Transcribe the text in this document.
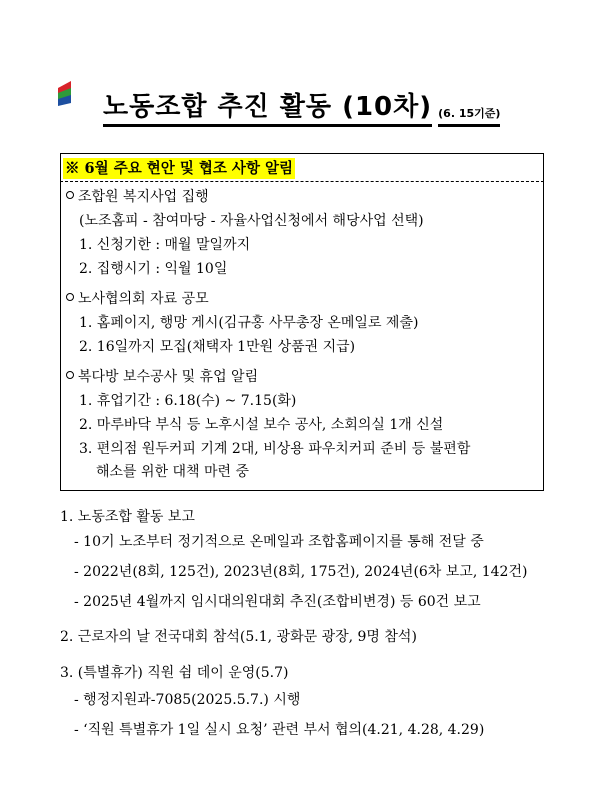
노동조합 추진 활동 (10차) (6. 15기준)
※ 6월 주요 현안 및 협조 사항 알림
조합원 복지사업 집행
(노조홈피 - 참여마당 - 자율사업신청에서 해당사업 선택)
1. 신청기한 : 매월 말일까지
2. 집행시기 : 익월 10일
노사협의회 자료 공모
1. 홈페이지, 행망 게시(김규홍 사무총장 온메일로 제출)
2. 16일까지 모집(채택자 1만원 상품권 지급)
복다방 보수공사 및 휴업 알림
1. 휴업기간 : 6.18(수) ~ 7.15(화)
2. 마루바닥 부식 등 노후시설 보수 공사, 소회의실 1개 신설
3. 편의점 원두커피 기계 2대, 비상용 파우치커피 준비 등 불편함
해소를 위한 대책 마련 중
1. 노동조합 활동 보고
- 10기 노조부터 정기적으로 온메일과 조합홈페이지를 통해 전달 중
- 2022년(8회, 125건), 2023년(8회, 175건), 2024년(6차 보고, 142건)
- 2025년 4월까지 임시대의원대회 추진(조합비변경) 등 60건 보고
2. 근로자의 날 전국대회 참석(5.1, 광화문 광장, 9명 참석)
3. (특별휴가) 직원 쉼 데이 운영(5.7)
- 행정지원과-7085(2025.5.7.) 시행
- ‘직원 특별휴가 1일 실시 요청’ 관련 부서 협의(4.21, 4.28, 4.29)
